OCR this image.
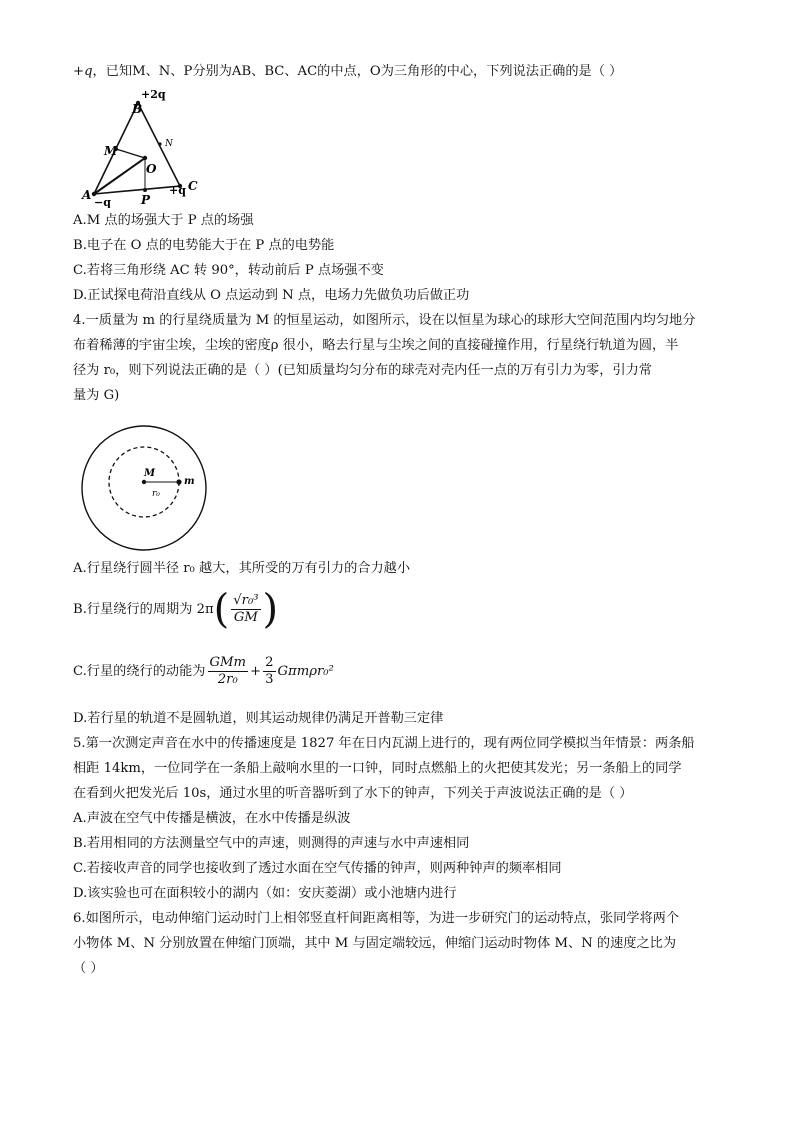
+q，已知M、N、P分别为AB、BC、AC的中点，O为三角形的中心，下列说法正确的是（ ）
B
+2q
M	N
O
A
−q	P
C
+q
A.M 点的场强大于 P 点的场强
B.电子在 O 点的电势能大于在 P 点的电势能
C.若将三角形绕 AC 转 90°，转动前后 P 点场强不变
D.正试探电荷沿直线从 O 点运动到 N 点，电场力先做负功后做正功
4.一质量为 m 的行星绕质量为 M 的恒星运动，如图所示，设在以恒星为球心的球形大空间范围内均匀地分
布着稀薄的宇宙尘埃，尘埃的密度ρ 很小，略去行星与尘埃之间的直接碰撞作用，行星绕行轨道为圆，半
径为 r₀，则下列说法正确的是（ ）(已知质量均匀分布的球壳对壳内任一点的万有引力为零，引力常
量为 G)
M
r₀
m
A.行星绕行圆半径 r₀ 越大，其所受的万有引力的合力越小
B.行星绕行的周期为 $2\pi( \frac{\text{√r₀³}}{GM}$ )
C.行星的绕行的动能为 $\frac{\text{GMm}}{\text{2r₀}} + \frac{2}{3} G\pi m\rho r_0^2$
D.若行星的轨道不是圆轨道，则其运动规律仍满足开普勒三定律
5.第一次测定声音在水中的传播速度是 1827 年在日内瓦湖上进行的，现有两位同学模拟当年情景：两条船
相距 14km，一位同学在一条船上敲响水里的一口钟，同时点燃船上的火把使其发光；另一条船上的同学
在看到火把发光后 10s，通过水里的听音器听到了水下的钟声，下列关于声波说法正确的是（ ）
A.声波在空气中传播是横波，在水中传播是纵波
B.若用相同的方法测量空气中的声速，则测得的声速与水中声速相同
C.若接收声音的同学也接收到了透过水面在空气传播的钟声，则两种钟声的频率相同
D.该实验也可在面积较小的湖内（如：安庆菱湖）或小池塘内进行
6.如图所示，电动伸缩门运动时门上相邻竖直杆间距离相等，为进一步研究门的运动特点，张同学将两个
小物体 M、N 分别放置在伸缩门顶端，其中 M 与固定端较远，伸缩门运动时物体 M、N 的速度之比为
（ ）
